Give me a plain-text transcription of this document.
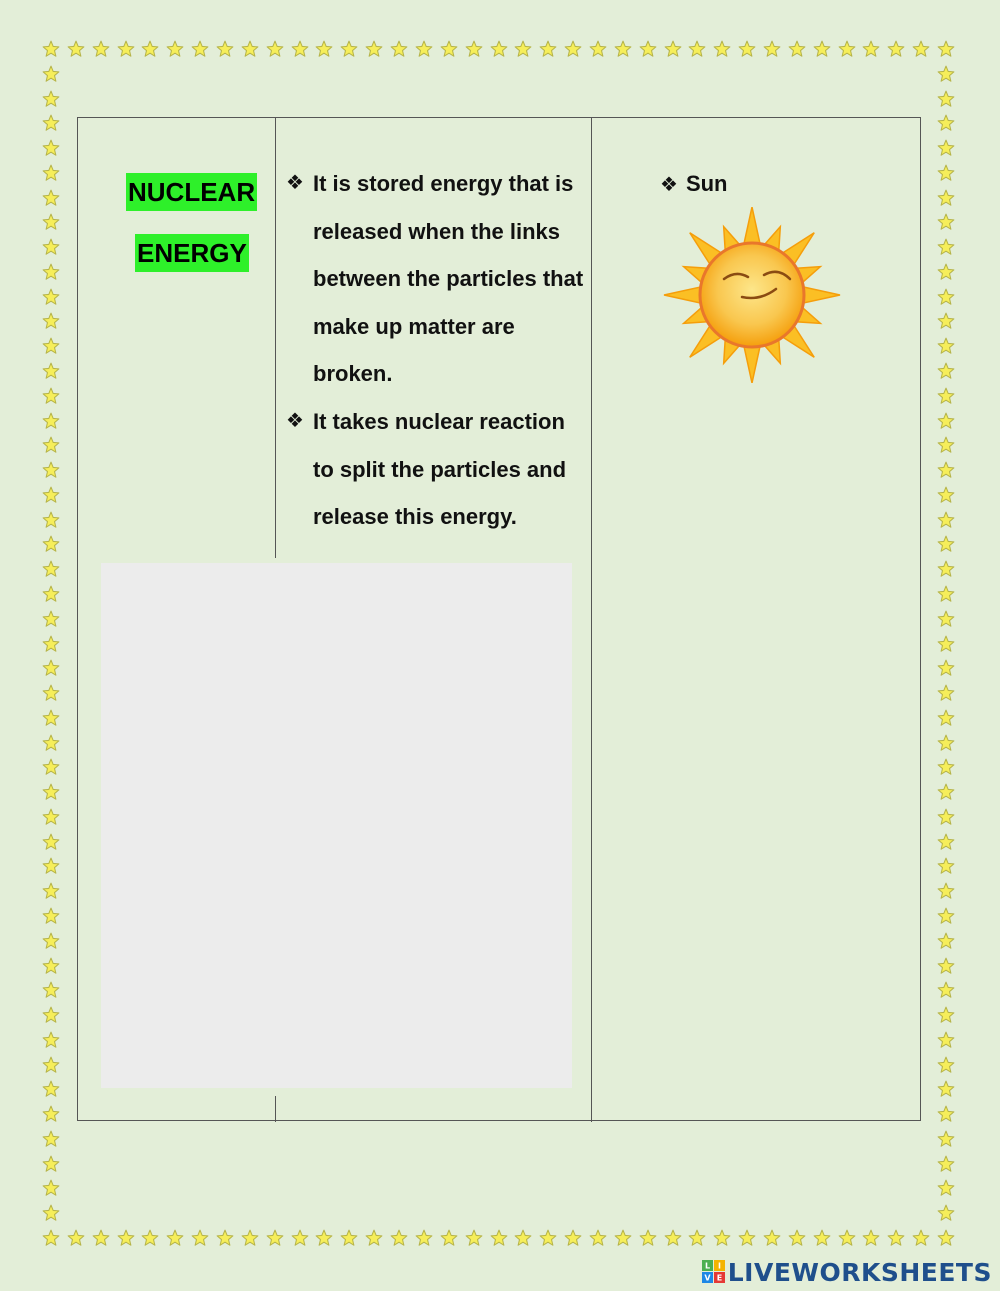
NUCLEAR
ENERGY
❖ It is stored energy that is released when the links between the particles that make up matter are broken.
❖ It takes nuclear reaction to split the particles and release this energy.
❖ Sun
L I
V E LIVEWORKSHEETS
